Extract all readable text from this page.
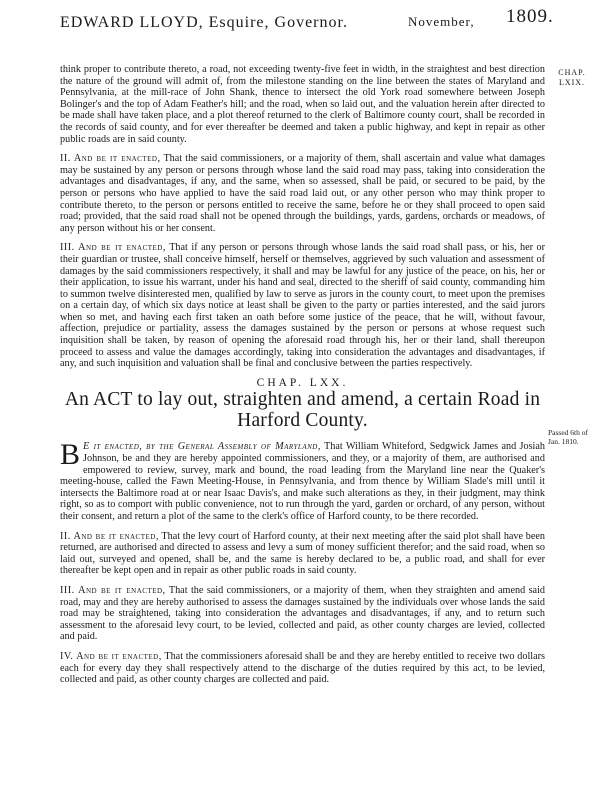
EDWARD LLOYD, Esquire, Governor.	November, 1809.
CHAP.
LXIX.
Passed 6th of
Jan. 1810.

think proper to contribute thereto, a road, not exceeding twenty-five feet in width, in the straightest and best direction the nature of the ground will admit of, from the milestone standing on the line between the states of Maryland and Pennsylvania, at the mill-race of John Shank, thence to intersect the old York road somewhere between Joseph Bolinger's and the top of Adam Feather's hill; and the road, when so laid out, and the valuation herein after directed to be made shall have taken place, and a plot thereof returned to the clerk of Baltimore county court, shall be recorded in the records of said county, and for ever thereafter be deemed and taken a public highway, and kept in repair as other public roads are in said county.

II. And be it enacted, That the said commissioners, or a majority of them, shall ascertain and value what damages may be sustained by any person or persons through whose land the said road may pass, taking into consideration the advantages and disadvantages, if any, and the same, when so assessed, shall be paid, or secured to be paid, by the person or persons who have applied to have the said road laid out, or any other person who may think proper to contribute thereto, to the person or persons entitled to receive the same, before he or they shall proceed to open said road; provided, that the said road shall not be opened through the buildings, yards, gardens, orchards or meadows, of any person without his or her consent.

III. And be it enacted, That if any person or persons through whose lands the said road shall pass, or his, her or their guardian or trustee, shall conceive himself, herself or themselves, aggrieved by such valuation and assessment of damages by the said commissioners respectively, it shall and may be lawful for any justice of the peace, on his, her or their application, to issue his warrant, under his hand and seal, directed to the sheriff of said county, commanding him to summon twelve disinterested men, qualified by law to serve as jurors in the county court, to meet upon the premises on a certain day, of which six days notice at least shall be given to the party or parties interested, and the said jurors when so met, and having each first taken an oath before some justice of the peace, that he will, without favour, affection, prejudice or partiality, assess the damages sustained by the person or persons at whose request such inquisition shall be taken, by reason of opening the aforesaid road through his, her or their land, shall thereupon proceed to assess and value the damages accordingly, taking into consideration the advantages and disadvantages, if any, and such inquisition and valuation shall be final and conclusive between the parties respectively.

CHAP. LXX.
An ACT to lay out, straighten and amend, a certain Road in Harford County.

B E it enacted, by the General Assembly of Maryland, That William Whiteford, Sedgwick James and Josiah Johnson, be and they are hereby appointed commissioners, and they, or a majority of them, are authorised and empowered to review, survey, mark and bound, the road leading from the Maryland line near the Quaker's meeting-house, called the Fawn Meeting-House, in Pennsylvania, and from thence by William Slade's mill until it intersects the Baltimore road at or near Isaac Davis's, and make such alterations as they, in their judgment, may think right, so as to comport with public convenience, not to run through the yard, garden or orchard, of any person, without their consent, and return a plot of the same to the clerk's office of Harford county, to be there recorded.

II. And be it enacted, That the levy court of Harford county, at their next meeting after the said plot shall have been returned, are authorised and directed to assess and levy a sum of money sufficient therefor; and the said road, when so laid out, surveyed and opened, shall be, and the same is hereby declared to be, a public road, and shall for ever thereafter be kept open and in repair as other public roads in said county.

III. And be it enacted, That the said commissioners, or a majority of them, when they straighten and amend said road, may and they are hereby authorised to assess the damages sustained by the individuals over whose lands the said road may be straightened, taking into consideration the advantages and disadvantages, if any, and to return such assessment to the aforesaid levy court, to be levied, collected and paid, as other county charges are levied, collected and paid.

IV. And be it enacted, That the commissioners aforesaid shall be and they are hereby entitled to receive two dollars each for every day they shall respectively attend to the discharge of the duties required by this act, to be levied, collected and paid, as other county charges are collected and paid.
